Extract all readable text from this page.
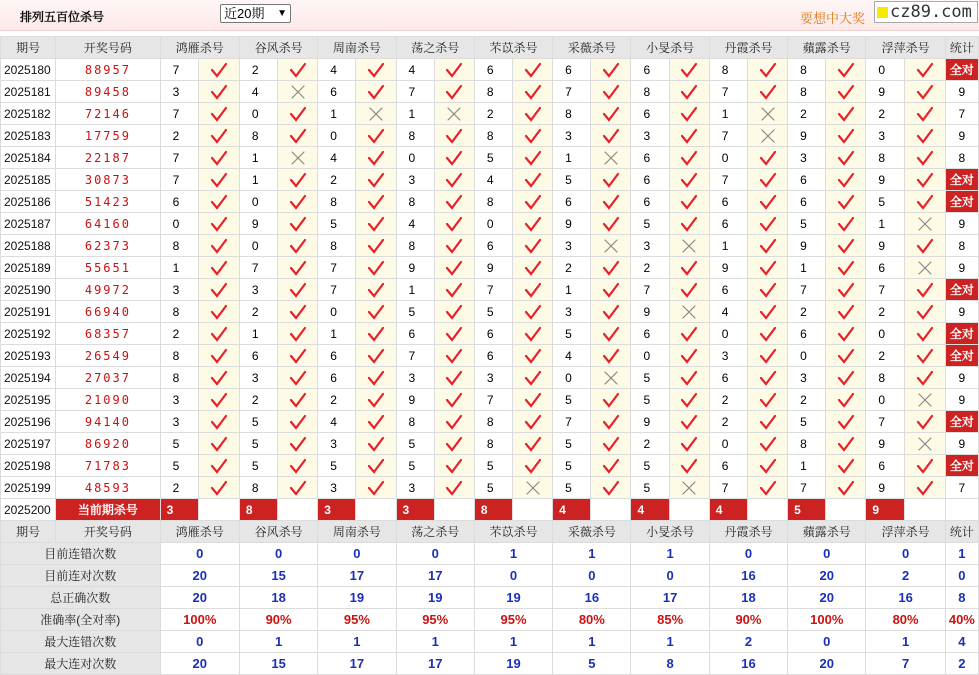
排列五百位杀号	近20期 ▼	要想中大奖	cz89.com
期号	开奖号码	鸿雁杀号		谷风杀号		周南杀号		荡之杀号		芣苡杀号		采薇杀号		小旻杀号		丹霞杀号		蘋露杀号		浮萍杀号		统计
2025180	88957	7		2		4		4		6		6		6		8		8		0		全对
2025181	89458	3		4		6		7		8		7		8		7		8		9		9
2025182	72146	7		0		1		1		2		8		6		1		2		2		7
2025183	17759	2		8		0		8		8		3		3		7		9		3		9
2025184	22187	7		1		4		0		5		1		6		0		3		8		8
2025185	30873	7		1		2		3		4		5		6		7		6		9		全对
2025186	51423	6		0		8		8		8		6		6		6		6		5		全对
2025187	64160	0		9		5		4		0		9		5		6		5		1		9
2025188	62373	8		0		8		8		6		3		3		1		9		9		8
2025189	55651	1		7		7		9		9		2		2		9		1		6		9
2025190	49972	3		3		7		1		7		1		7		6		7		7		全对
2025191	66940	8		2		0		5		5		3		9		4		2		2		9
2025192	68357	2		1		1		6		6		5		6		0		6		0		全对
2025193	26549	8		6		6		7		6		4		0		3		0		2		全对
2025194	27037	8		3		6		3		3		0		5		6		3		8		9
2025195	21090	3		2		2		9		7		5		5		2		2		0		9
2025196	94140	3		5		4		8		8		7		9		2		5		7		全对
2025197	86920	5		5		3		5		8		5		2		0		8		9		9
2025198	71783	5		5		5		5		5		5		5		6		1		6		全对
2025199	48593	2		8		3		3		5		5		5		7		7		9		7
2025200	当前期杀号	3		8		3		3		8		4		4		4		5		9		
期号	开奖号码	鸿雁杀号		谷风杀号		周南杀号		荡之杀号		芣苡杀号		采薇杀号		小旻杀号		丹霞杀号		蘋露杀号		浮萍杀号		统计
目前连错次数		0		0		0		0		1		1		1		0		0		0		1
目前连对次数		20		15		17		17		0		0		0		16		20		2		0
总正确次数		20		18		19		19		19		16		17		18		20		16		8
准确率(全对率)		100%		90%		95%		95%		95%		80%		85%		90%		100%		80%		40%
最大连错次数		0		1		1		1		1		1		1		2		0		1		4
最大连对次数		20		15		17		17		19		5		8		16		20		7		2
